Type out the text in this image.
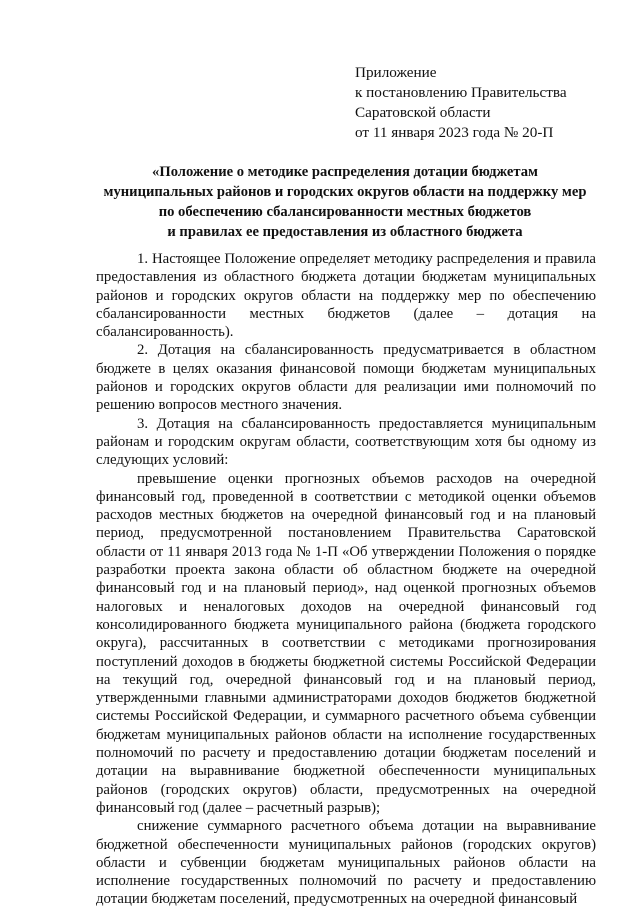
Приложение
к постановлению Правительства
Саратовской области
от 11 января 2023 года № 20-П
«Положение о методике распределения дотации бюджетам
муниципальных районов и городских округов области на поддержку мер
по обеспечению сбалансированности местных бюджетов
и правилах ее предоставления из областного бюджета

1. Настоящее Положение определяет методику распределения и правила предоставления из областного бюджета дотации бюджетам муниципальных районов и городских округов области на поддержку мер по обеспечению сбалансированности местных бюджетов (далее – дотация на сбалансированность).

2. Дотация на сбалансированность предусматривается в областном бюджете в целях оказания финансовой помощи бюджетам муниципальных районов и городских округов области для реализации ими полномочий по решению вопросов местного значения.

3. Дотация на сбалансированность предоставляется муниципальным районам и городским округам области, соответствующим хотя бы одному из следующих условий:

превышение оценки прогнозных объемов расходов на очередной финансовый год, проведенной в соответствии с методикой оценки объемов расходов местных бюджетов на очередной финансовый год и на плановый период, предусмотренной постановлением Правительства Саратовской области от 11 января 2013 года № 1-П «Об утверждении Положения о порядке разработки проекта закона области об областном бюджете на очередной финансовый год и на плановый период», над оценкой прогнозных объемов налоговых и неналоговых доходов на очередной финансовый год консолидированного бюджета муниципального района (бюджета городского округа), рассчитанных в соответствии с методиками прогнозирования поступлений доходов в бюджеты бюджетной системы Российской Федерации на текущий год, очередной финансовый год и на плановый период, утвержденными главными администраторами доходов бюджетов бюджетной системы Российской Федерации, и суммарного расчетного объема субвенции бюджетам муниципальных районов области на исполнение государственных полномочий по расчету и предоставлению дотации бюджетам поселений и дотации на выравнивание бюджетной обеспеченности муниципальных районов (городских округов) области, предусмотренных на очередной финансовый год (далее – расчетный разрыв);

снижение суммарного расчетного объема дотации на выравнивание бюджетной обеспеченности муниципальных районов (городских округов) области и субвенции бюджетам муниципальных районов области на исполнение государственных полномочий по расчету и предоставлению дотации бюджетам поселений, предусмотренных на очередной финансовый
